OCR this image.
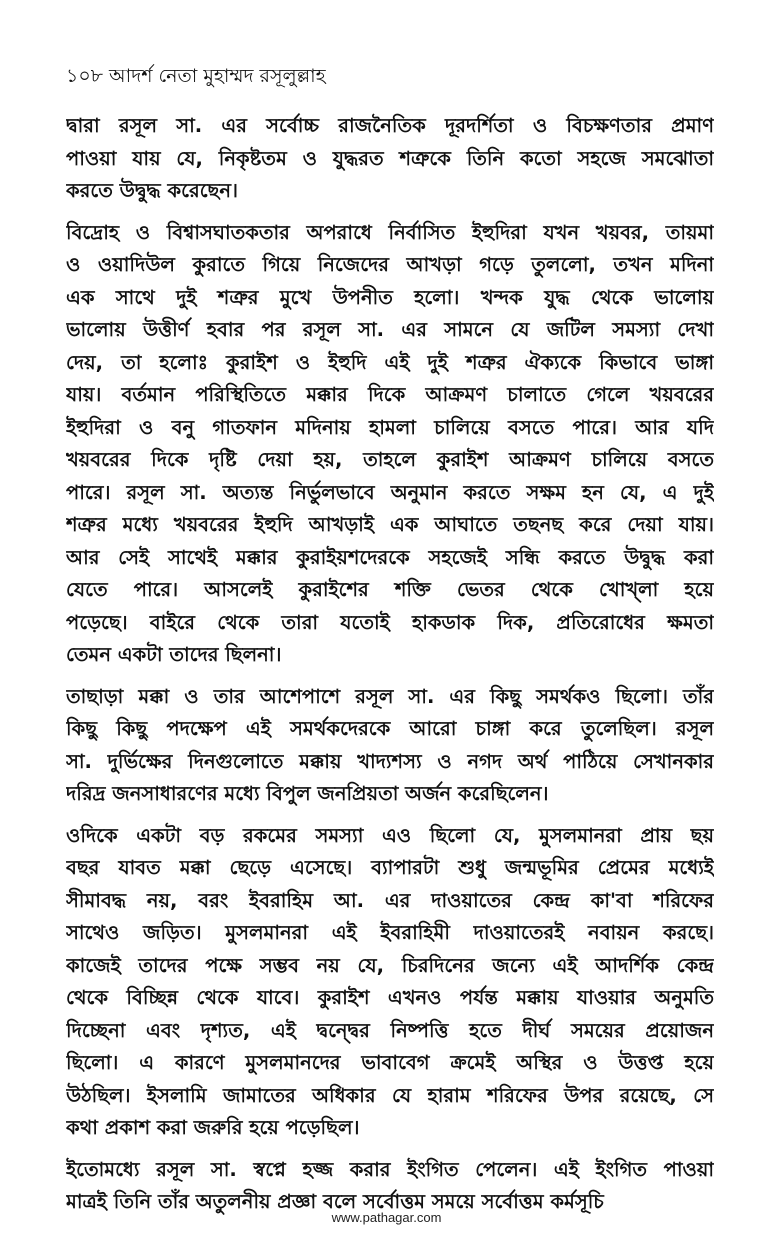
১০৮ আদর্শ নেতা মুহাম্মদ রসূলুল্লাহ
দ্বারা রসূল সা. এর সর্বোচ্চ রাজনৈতিক দূরদর্শিতা ও বিচক্ষণতার প্রমাণ
পাওয়া যায় যে, নিকৃষ্টতম ও যুদ্ধরত শত্রুকে তিনি কতো সহজে সমঝোতা
করতে উদ্বুদ্ধ করেছেন।
বিদ্রোহ ও বিশ্বাসঘাতকতার অপরাধে নির্বাসিত ইহুদিরা যখন খয়বর, তায়মা
ও ওয়াদিউল কুরাতে গিয়ে নিজেদের আখড়া গড়ে তুললো, তখন মদিনা
এক সাথে দুই শত্রুর মুখে উপনীত হলো। খন্দক যুদ্ধ থেকে ভালোয়
ভালোয় উত্তীর্ণ হবার পর রসূল সা. এর সামনে যে জটিল সমস্যা দেখা
দেয়, তা হলোঃ কুরাইশ ও ইহুদি এই দুই শত্রুর ঐক্যকে কিভাবে ভাঙ্গা
যায়। বর্তমান পরিস্থিতিতে মক্কার দিকে আক্রমণ চালাতে গেলে খয়বরের
ইহুদিরা ও বনু গাতফান মদিনায় হামলা চালিয়ে বসতে পারে। আর যদি
খয়বরের দিকে দৃষ্টি দেয়া হয়, তাহলে কুরাইশ আক্রমণ চালিয়ে বসতে
পারে। রসূল সা. অত্যন্ত নির্ভুলভাবে অনুমান করতে সক্ষম হন যে, এ দুই
শত্রুর মধ্যে খয়বরের ইহুদি আখড়াই এক আঘাতে তছনছ করে দেয়া যায়।
আর সেই সাথেই মক্কার কুরাইয়শদেরকে সহজেই সন্ধি করতে উদ্বুদ্ধ করা
যেতে পারে। আসলেই কুরাইশের শক্তি ভেতর থেকে খোখ্লা হয়ে
পড়েছে। বাইরে থেকে তারা যতোই হাকডাক দিক, প্রতিরোধের ক্ষমতা
তেমন একটা তাদের ছিলনা।
তাছাড়া মক্কা ও তার আশেপাশে রসূল সা. এর কিছু সমর্থকও ছিলো। তাঁর
কিছু কিছু পদক্ষেপ এই সমর্থকদেরকে আরো চাঙ্গা করে তুলেছিল। রসূল
সা. দুর্ভিক্ষের দিনগুলোতে মক্কায় খাদ্যশস্য ও নগদ অর্থ পাঠিয়ে সেখানকার
দরিদ্র জনসাধারণের মধ্যে বিপুল জনপ্রিয়তা অর্জন করেছিলেন।
ওদিকে একটা বড় রকমের সমস্যা এও ছিলো যে, মুসলমানরা প্রায় ছয়
বছর যাবত মক্কা ছেড়ে এসেছে। ব্যাপারটা শুধু জন্মভূমির প্রেমের মধ্যেই
সীমাবদ্ধ নয়, বরং ইবরাহিম আ. এর দাওয়াতের কেন্দ্র কা'বা শরিফের
সাথেও জড়িত। মুসলমানরা এই ইবরাহিমী দাওয়াতেরই নবায়ন করছে।
কাজেই তাদের পক্ষে সম্ভব নয় যে, চিরদিনের জন্যে এই আদর্শিক কেন্দ্র
থেকে বিচ্ছিন্ন থেকে যাবে। কুরাইশ এখনও পর্যন্ত মক্কায় যাওয়ার অনুমতি
দিচ্ছেনা এবং দৃশ্যত, এই দ্বন্দ্বের নিষ্পত্তি হতে দীর্ঘ সময়ের প্রয়োজন
ছিলো। এ কারণে মুসলমানদের ভাবাবেগ ক্রমেই অস্থির ও উত্তপ্ত হয়ে
উঠছিল। ইসলামি জামাতের অধিকার যে হারাম শরিফের উপর রয়েছে, সে
কথা প্রকাশ করা জরুরি হয়ে পড়েছিল।
ইতোমধ্যে রসূল সা. স্বপ্নে হজ্জ করার ইংগিত পেলেন। এই ইংগিত পাওয়া
মাত্রই তিনি তাঁর অতুলনীয় প্রজ্ঞা বলে সর্বোত্তম সময়ে সর্বোত্তম কর্মসূচি
www.pathagar.com
